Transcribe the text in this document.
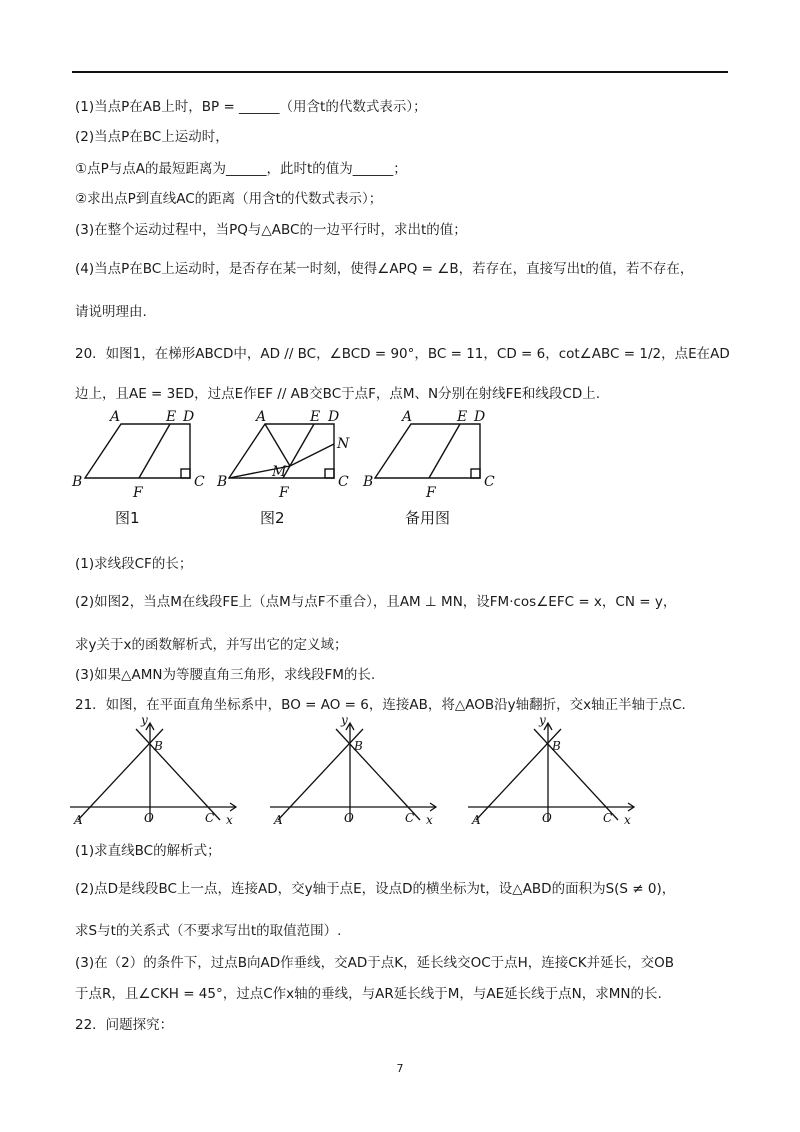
(1)当点P在AB上时，BP = ______（用含t的代数式表示）；
(2)当点P在BC上运动时，
①点P与点A的最短距离为______，此时t的值为______；
②求出点P到直线AC的距离（用含t的代数式表示）；
(3)在整个运动过程中，当PQ与△ABC的一边平行时，求出t的值；
(4)当点P在BC上运动时，是否存在某一时刻，使得∠APQ = ∠B，若存在，直接写出t的值，若不存在，
请说明理由.
20．如图1，在梯形ABCD中，AD // BC，∠BCD = 90°，BC = 11，CD = 6，cot∠ABC = 1/2，点E在AD
边上，且AE = 3ED，过点E作EF // AB交BC于点F，点M、N分别在射线FE和线段CD上.
A	E D
B	C
F
A	E D
N
M
B	C
F
A	E D
B	C
F
图1	图2	备用图
(1)求线段CF的长；
(2)如图2，当点M在线段FE上（点M与点F不重合），且AM ⊥ MN，设FM·cos∠EFC = x，CN = y，
求y关于x的函数解析式，并写出它的定义域；
(3)如果△AMN为等腰直角三角形，求线段FM的长.
21．如图，在平面直角坐标系中，BO = AO = 6，连接AB，将△AOB沿y轴翻折，交x轴正半轴于点C.
y
B
A	O	C x
y
B
A	O	C x
y
B
A	O	C x
(1)求直线BC的解析式；
(2)点D是线段BC上一点，连接AD，交y轴于点E，设点D的横坐标为t，设△ABD的面积为S(S ≠ 0)，
求S与t的关系式（不要求写出t的取值范围）.
(3)在（2）的条件下，过点B向AD作垂线，交AD于点K，延长线交OC于点H，连接CK并延长，交OB
于点R，且∠CKH = 45°，过点C作x轴的垂线，与AR延长线于M，与AE延长线于点N，求MN的长.
22．问题探究：
7
